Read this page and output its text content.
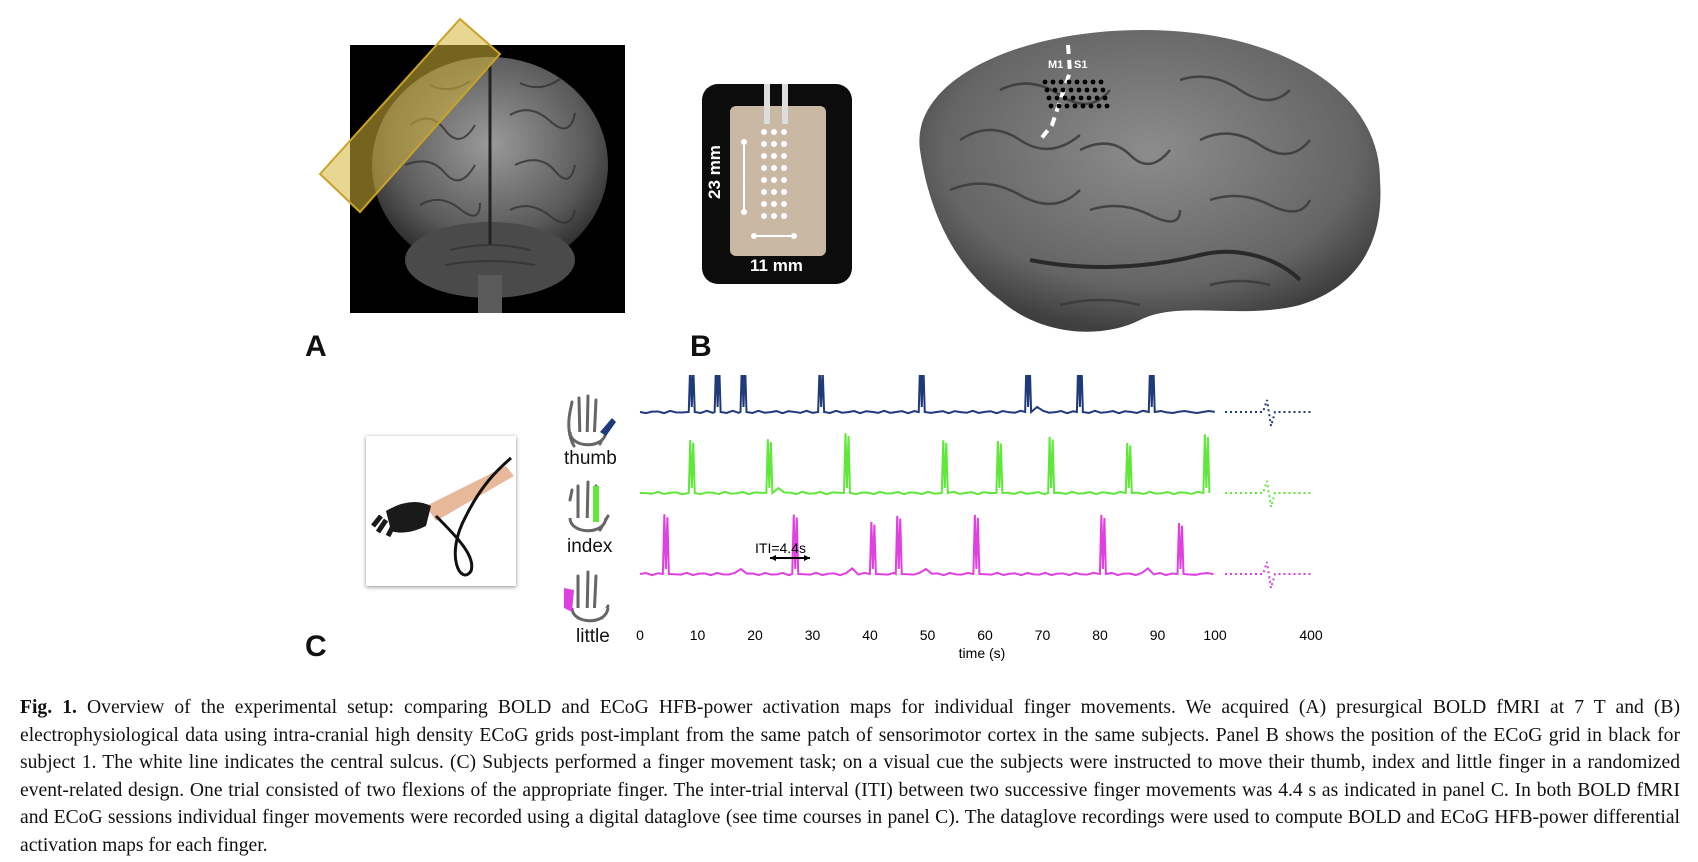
A
23 mm
11 mm
M1 S1
B
thumb
index
little
ITI=4.4s
0	10	20	30	40	50	60	70	80	90	100	400
time (s)
C
Fig. 1. Overview of the experimental setup: comparing BOLD and ECoG HFB-power activation maps for individual finger movements. We acquired (A) presurgical BOLD fMRI at 7 T and (B) electrophysiological data using intra-cranial high density ECoG grids post-implant from the same patch of sensorimotor cortex in the same subjects. Panel B shows the position of the ECoG grid in black for subject 1. The white line indicates the central sulcus. (C) Subjects performed a finger movement task; on a visual cue the subjects were instructed to move their thumb, index and little finger in a randomized event-related design. One trial consisted of two flexions of the appropriate finger. The inter-trial interval (ITI) between two successive finger movements was 4.4 s as indicated in panel C. In both BOLD fMRI and ECoG sessions individual finger movements were recorded using a digital dataglove (see time courses in panel C). The dataglove recordings were used to compute BOLD and ECoG HFB-power differential activation maps for each finger.
